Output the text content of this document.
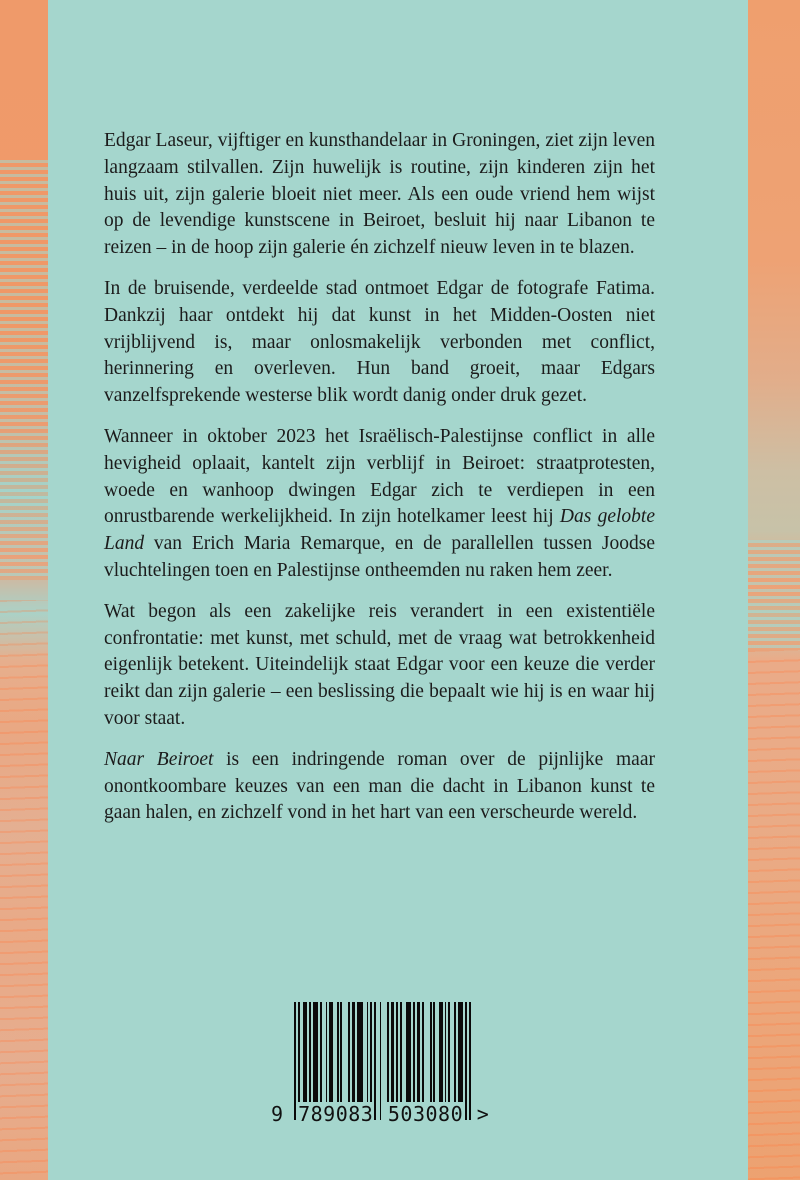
Edgar Laseur, vijftiger en kunsthandelaar in Groningen, ziet zijn leven langzaam stilvallen. Zijn huwelijk is routine, zijn kinderen zijn het huis uit, zijn galerie bloeit niet meer. Als een oude vriend hem wijst op de levendige kunstscene in Beiroet, besluit hij naar Libanon te reizen – in de hoop zijn galerie én zichzelf nieuw leven in te blazen.

In de bruisende, verdeelde stad ontmoet Edgar de fotografe Fatima. Dankzij haar ontdekt hij dat kunst in het Midden-Oosten niet vrijblijvend is, maar onlosmakelijk verbonden met conflict, herinnering en overleven. Hun band groeit, maar Edgars vanzelfsprekende westerse blik wordt danig onder druk gezet.

Wanneer in oktober 2023 het Israëlisch-Palestijnse conflict in alle hevigheid oplaait, kantelt zijn verblijf in Beiroet: straatprotesten, woede en wanhoop dwingen Edgar zich te verdiepen in een onrustbarende werkelijkheid. In zijn hotelkamer leest hij Das gelobte Land van Erich Maria Remarque, en de parallellen tussen Joodse vluchtelingen toen en Palestijnse ontheemden nu raken hem zeer.

Wat begon als een zakelijke reis verandert in een existentiële confrontatie: met kunst, met schuld, met de vraag wat betrokkenheid eigenlijk betekent. Uiteindelijk staat Edgar voor een keuze die verder reikt dan zijn galerie – een beslissing die bepaalt wie hij is en waar hij voor staat.

Naar Beiroet is een indringende roman over de pijnlijke maar onontkoombare keuzes van een man die dacht in Libanon kunst te gaan halen, en zichzelf vond in het hart van een verscheurde wereld.

9 789083 503080 >
